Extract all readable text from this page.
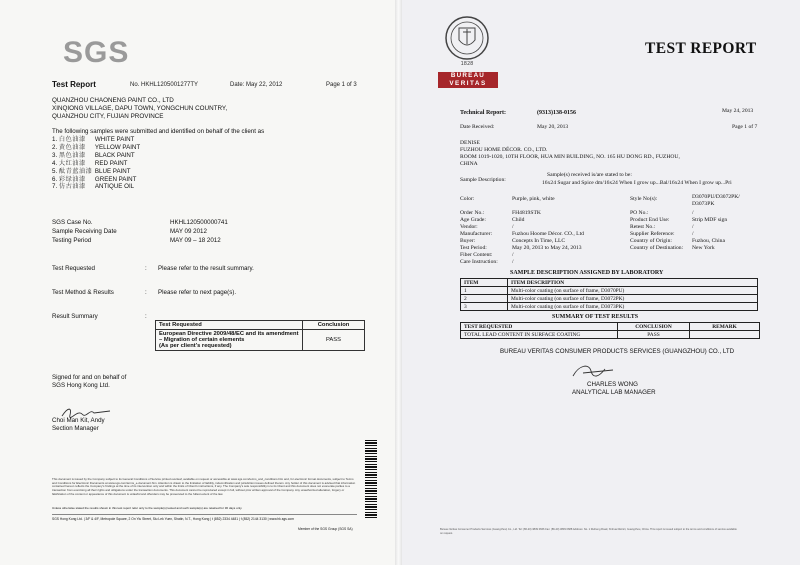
SGS
Test Report	No. HKHL1205001277TY	Date: May 22, 2012	Page 1 of 3
QUANZHOU CHAONENG PAINT CO., LTD
XINQIONG VILLAGE, DAPU TOWN, YONGCHUN COUNTRY,
QUANZHOU CITY, FUJIAN PROVINCE
The following samples were submitted and identified on behalf of the client as
1. 白色油漆 WHITE PAINT
2. 黄色油漆 YELLOW PAINT
3. 黑色油漆 BLACK PAINT
4. 大红油漆 RED PAINT
5. 酞青蓝油漆 BLUE PAINT
6. 彩绿油漆 GREEN PAINT
7. 仿古油漆 ANTIQUE OIL
SGS Case No.	HKHL120500000741
Sample Receiving Date	MAY 09 2012
Testing Period	MAY 09 – 18 2012
Test Requested	: Please refer to the result summary.
Test Method & Results	: Please refer to next page(s).
Result Summary	:
Test Requested	Conclusion

European Directive 2009/48/EC and its amendment
– Migration of certain elements
(As per client's requested)	PASS
Signed for and on behalf of
SGS Hong Kong Ltd.
Choi Man Kit, Andy
Section Manager
This document is issued by the Company subject to its General Conditions of Service printed overleaf, available on request or accessible at www.sgs.com/terms_and_conditions.htm and, for electronic format documents, subject to Terms and Conditions for Electronic Documents at www.sgs.com/terms_e-document.htm. Attention is drawn to the limitation of liability, indemnification and jurisdiction issues defined therein. Any holder of this document is advised that information contained hereon reflects the Company's findings at the time of its intervention only and within the limits of Client's instructions, if any. The Company's sole responsibility is to its Client and this document does not exonerate parties to a transaction from exercising all their rights and obligations under the transaction documents. This document cannot be reproduced except in full, without prior written approval of the Company. Any unauthorized alteration, forgery or falsification of the content or appearance of this document is unlawful and offenders may be prosecuted to the fullest extent of the law.
Unless otherwise stated the results shown in this test report refer only to the sample(s) tested and such sample(s) are retained for 30 days only.
SGS Hong Kong Ltd. | 3/F & 4/F, Metropole Square, 2 On Yiu Street, Siu Lek Yuen, Shatin, N.T., Hong Kong | t (852) 2334 4481 | f (852) 2144 3130 | www.hk.sgs.com
Member of the SGS Group (SGS SA)
1828
BUREAU
VERITAS
TEST REPORT
Technical Report:	(9313)138-0156	May 24, 2013
Date Received:	May 20, 2013	Page 1 of 7
DENISE
FUZHOU HOME DÉCOR. CO., LTD.
ROOM 1019-1020, 10TH FLOOR, HUA MIN BUILDING, NO. 165 HU DONG RD., FUZHOU,
CHINA
Sample Description:
Sample(s) received is/are stated to be:
16x24 Sugar and Spice dm/16x24 When I grow up...Bal/16x24 When I grow up...Pri
Color:	Purple, pink, white	Style No(s):	D3070PU/D3072PK/
D3073PK
Order No.:	FH4819STK
Age Grade:	Child
Vendor:	/
Manufacturer:	Fuzhou Hoome Décor. CO., Ltd
Buyer:	Concepts In Time, LLC
Test Period:	May 20, 2013 to May 24, 2013
Fiber Content:	/
Care Instruction:	/
PO No.:	/
Product End Use:	Strip MDF sign
Retest No.:	/
Supplier Reference:	/
Country of Origin:	Fuzhou, China
Country of Destination: New York
SAMPLE DESCRIPTION ASSIGNED BY LABORATORY
ITEM	ITEM DESCRIPTION
1	Multi-color coating (on surface of frame, D3070PU)
2	Multi-color coating (on surface of frame, D3072PK)
3	Multi-color coating (on surface of frame, D3073PK)
SUMMARY OF TEST RESULTS
TEST REQUESTED	CONCLUSION	REMARK
TOTAL LEAD CONTENT IN SURFACE COATING	PASS	
BUREAU VERITAS CONSUMER PRODUCTS SERVICES (GUANGZHOU) CO., LTD
CHARLES WONG
ANALYTICAL LAB MANAGER
Bureau Veritas Consumer Products Services (Guangzhou) Co., Ltd. Tel: (86-20) 3839 0666 Fax: (86-20) 3839 0688 Address: No. 1 Ruiheng Road, Xinhua District, Guangzhou, China. This report is issued subject to the terms and conditions of service available on request.
